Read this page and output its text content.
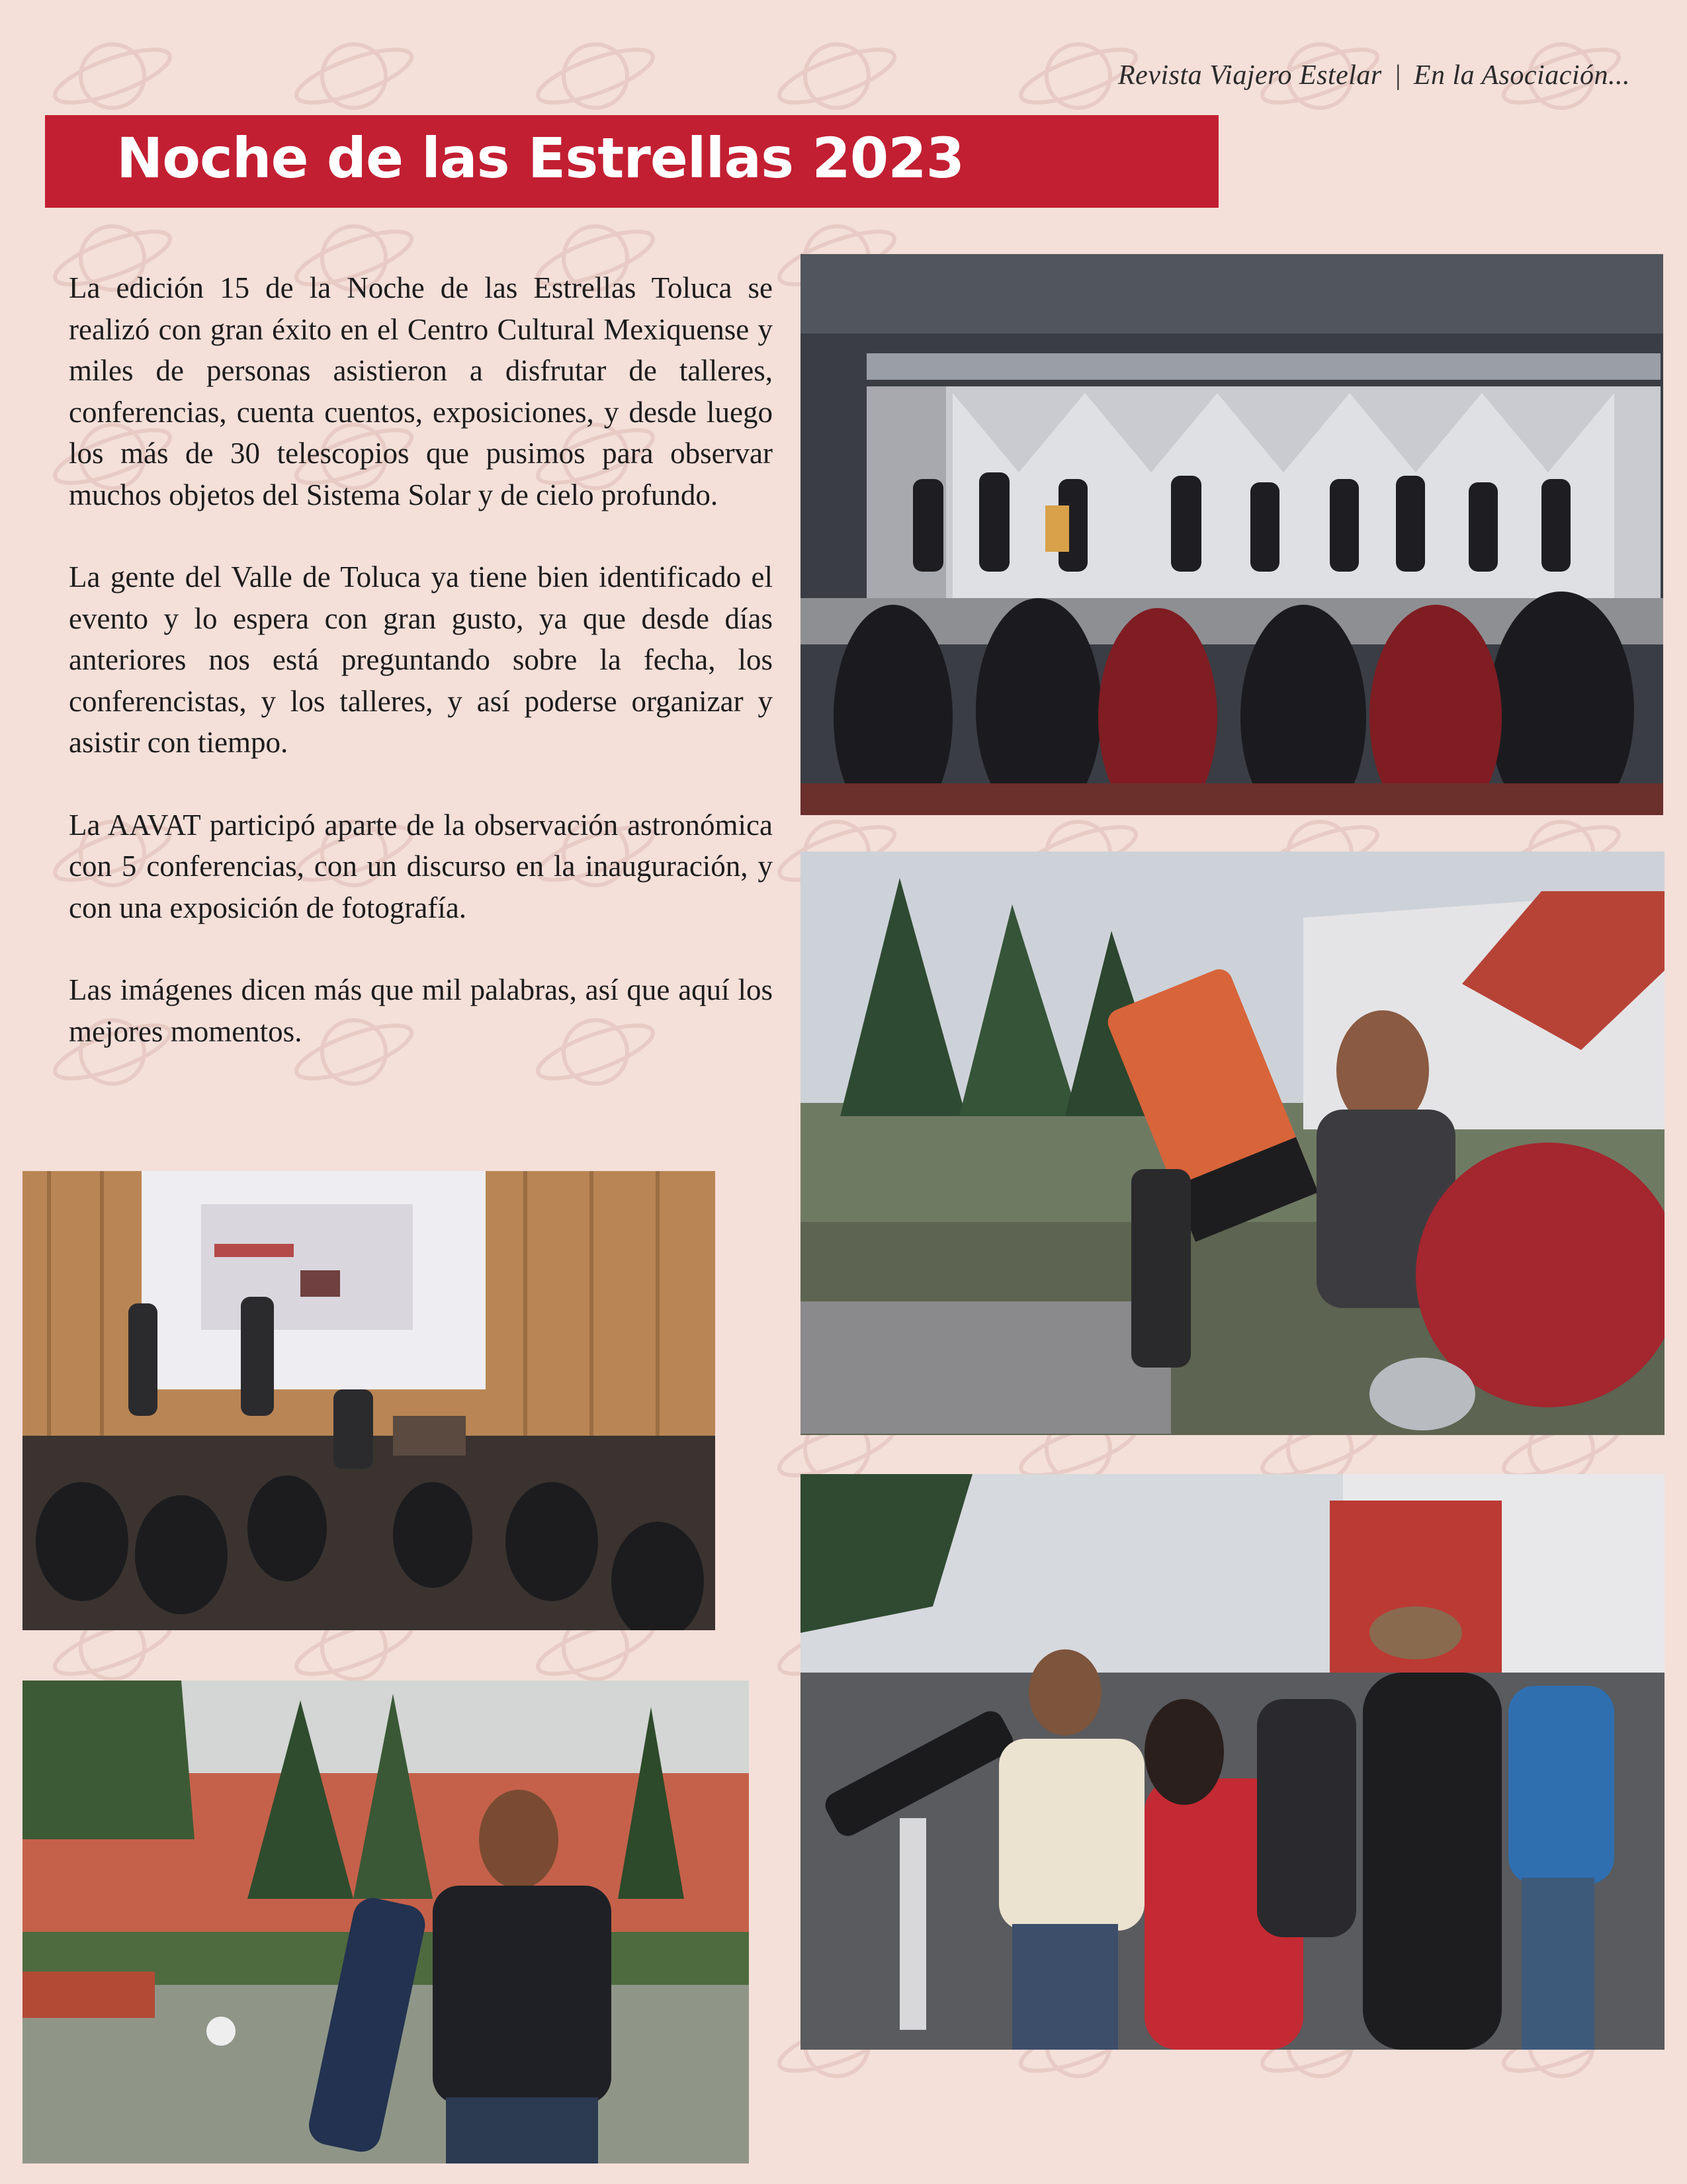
Revista Viajero Estelar | En la Asociación...
Noche de las Estrellas 2023

La edición 15 de la Noche de las Estrellas Toluca se realizó con gran éxito en el Centro Cultural Mexiquense y miles de personas asistieron a disfrutar de talleres, conferencias, cuenta cuentos, exposiciones, y desde luego los más de 30 telescopios que pusimos para observar muchos objetos del Sistema Solar y de cielo profundo.

La gente del Valle de Toluca ya tiene bien identificado el evento y lo espera con gran gusto, ya que desde días anteriores nos está preguntando sobre la fecha, los conferencistas, y los talleres, y así poderse organizar y asistir con tiempo.

La AAVAT participó aparte de la observación astronómica con 5 conferencias, con un discurso en la inauguración, y con una exposición de fotografía.

Las imágenes dicen más que mil palabras, así que aquí los mejores momentos.
